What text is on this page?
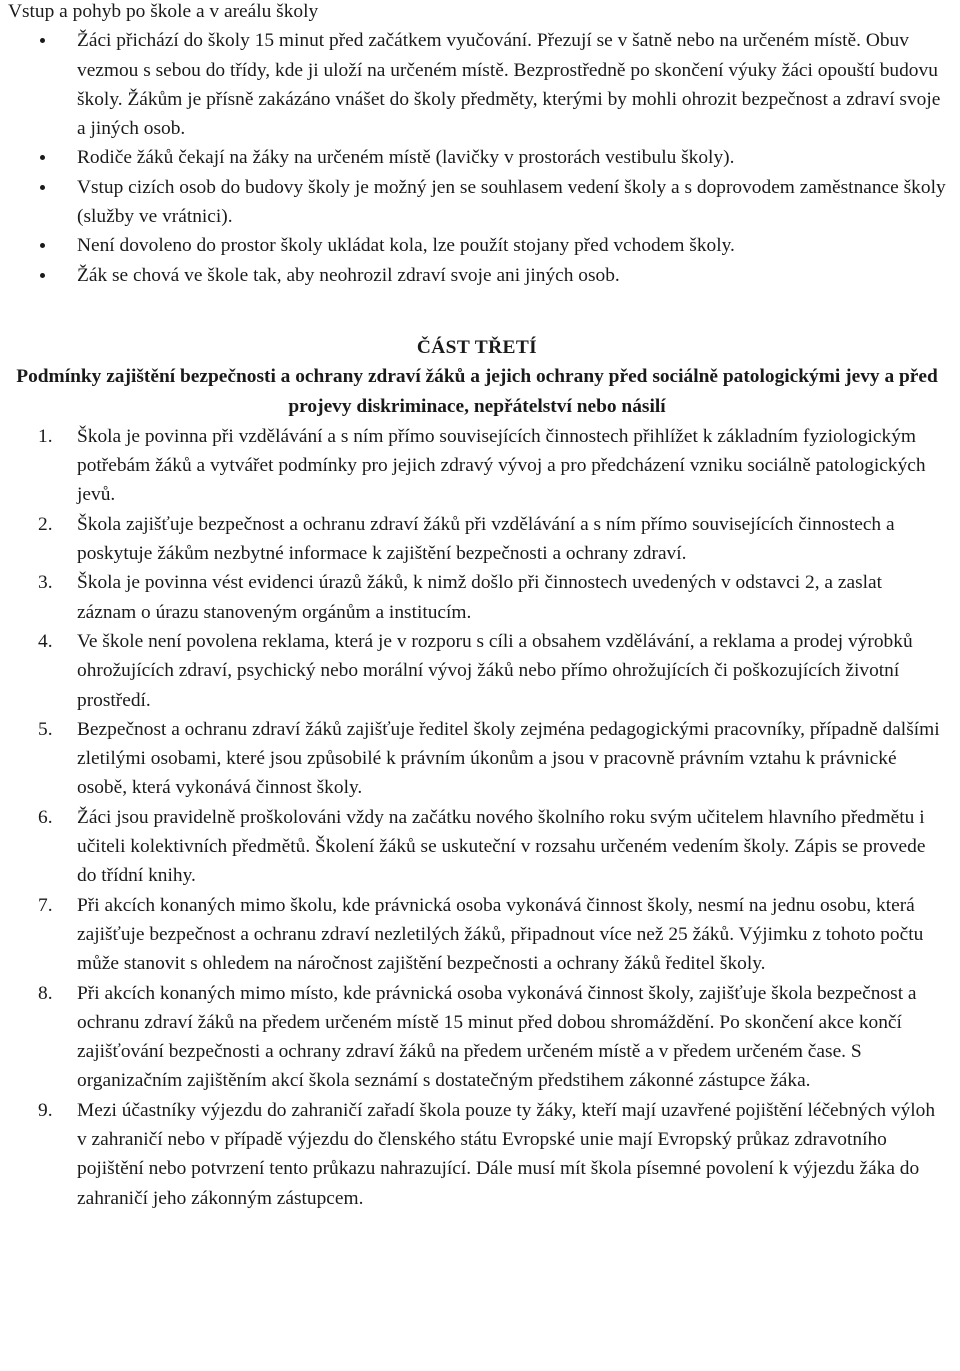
Vstup a pohyb po škole a v areálu školy

Žáci přichází do školy 15 minut před začátkem vyučování. Přezují se v šatně nebo na určeném místě. Obuv vezmou s sebou do třídy, kde ji uloží na určeném místě. Bezprostředně po skončení výuky žáci opouští budovu školy. Žákům je přísně zakázáno vnášet do školy předměty, kterými by mohli ohrozit bezpečnost a zdraví svoje a jiných osob.
Rodiče žáků čekají na žáky na určeném místě (lavičky v prostorách vestibulu školy).
Vstup cizích osob do budovy školy je možný jen se souhlasem vedení školy a s doprovodem zaměstnance školy (služby ve vrátnici).
Není dovoleno do prostor školy ukládat kola, lze použít stojany před vchodem školy.
Žák se chová ve škole tak, aby neohrozil zdraví svoje ani jiných osob.
ČÁST TŘETÍ
Podmínky zajištění bezpečnosti a ochrany zdraví žáků a jejich ochrany před sociálně patologickými jevy a před projevy diskriminace, nepřátelství nebo násilí
1. Škola je povinna při vzdělávání a s ním přímo souvisejících činnostech přihlížet k základním fyziologickým potřebám žáků a vytvářet podmínky pro jejich zdravý vývoj a pro předcházení vzniku sociálně patologických jevů.
2. Škola zajišťuje bezpečnost a ochranu zdraví žáků při vzdělávání a s ním přímo souvisejících činnostech a poskytuje žákům nezbytné informace k zajištění bezpečnosti a ochrany zdraví.
3. Škola je povinna vést evidenci úrazů žáků, k nimž došlo při činnostech uvedených v odstavci 2, a zaslat záznam o úrazu stanoveným orgánům a institucím.
4. Ve škole není povolena reklama, která je v rozporu s cíli a obsahem vzdělávání, a reklama a prodej výrobků ohrožujících zdraví, psychický nebo morální vývoj žáků nebo přímo ohrožujících či poškozujících životní prostředí.
5. Bezpečnost a ochranu zdraví žáků zajišťuje ředitel školy zejména pedagogickými pracovníky, případně dalšími zletilými osobami, které jsou způsobilé k právním úkonům a jsou v pracovně právním vztahu k právnické osobě, která vykonává činnost školy.
6. Žáci jsou pravidelně proškolováni vždy na začátku nového školního roku svým učitelem hlavního předmětu i učiteli kolektivních předmětů. Školení žáků se uskuteční v rozsahu určeném vedením školy. Zápis se provede do třídní knihy.
7. Při akcích konaných mimo školu, kde právnická osoba vykonává činnost školy, nesmí na jednu osobu, která zajišťuje bezpečnost a ochranu zdraví nezletilých žáků, připadnout více než 25 žáků. Výjimku z tohoto počtu může stanovit s ohledem na náročnost zajištění bezpečnosti a ochrany žáků ředitel školy.
8. Při akcích konaných mimo místo, kde právnická osoba vykonává činnost školy, zajišťuje škola bezpečnost a ochranu zdraví žáků na předem určeném místě 15 minut před dobou shromáždění. Po skončení akce končí zajišťování bezpečnosti a ochrany zdraví žáků na předem určeném místě a v předem určeném čase. S organizačním zajištěním akcí škola seznámí s dostatečným předstihem zákonné zástupce žáka.
9. Mezi účastníky výjezdu do zahraničí zařadí škola pouze ty žáky, kteří mají uzavřené pojištění léčebných výloh v zahraničí nebo v případě výjezdu do členského státu Evropské unie mají Evropský průkaz zdravotního pojištění nebo potvrzení tento průkazu nahrazující. Dále musí mít škola písemné povolení k výjezdu žáka do zahraničí jeho zákonným zástupcem.
